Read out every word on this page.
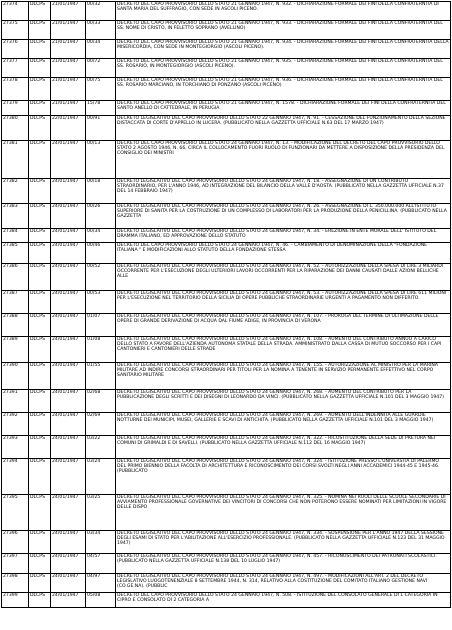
27374	DLCPS	21/01/1947	00/32	DECRETO DEL CAPO PROVVISORIO DELLO STATO 21 GENNAIO 1947, N. 932. - DICHIARAZIONE FORMALE DEI FINI DELLA CONFRATERNITA DI SANTA MARIA DEL SUFFRAGIO, CON SEDE IN ASCOLI PICENO.
27375	DLCPS	21/01/1947	00/33	DECRETO DEL CAPO PROVVISORIO DELLO STATO 21 GENNAIO 1947, N. 933. - DICHIARAZIONE FORMALE DEI FINI DELLA CONFRATERNITA DEL SS. NOME DI CRISTO, IN FELETTO SOPRANO (AVELLINO)
27376	DLCPS	21/01/1947	00/34	DECRETO DEL CAPO PROVVISORIO DELLO STATO 21 GENNAIO 1947, N. 934. - DICHIARAZIONE FORMALE DEI FINI DELLA CONFRATERNITA DELLA MISERICORDIA, CON SEDE IN MONTEGIORGIO (ASCOLI PICENO).
27377	DLCPS	21/01/1947	00/72	DECRETO DEL CAPO PROVVISORIO DELLO STATO 21 GENNAIO 1947, N. 935. - DICHIARAZIONE FORMALE DEI FINI DELLA CONFRATERNITA DEL SS. ROSARIO, IN MONTEGIORGIO (ASCOLI PICENO).
27378	DLCPS	21/01/1947	00/75	DECRETO DEL CAPO PROVVISORIO DELLO STATO 21 GENNAIO 1947, N. 936. - DICHIARAZIONE FORMALE DEI FINI DELLA CONFRATERNITA DEL SS. ROSARIO MARCIANO, IN TORCHIANO DI PONZANO (ASCOLI PICENO)
27379	DLCPS	21/01/1947	15/78	DECRETO DEL CAPO PROVVISORIO DELLO STATO 21 GENNAIO 1947, N. 1578. - DICHIARAZIONE FORMALE DEI FINI DELLA CONFRATERNITA DEL SANTO ANELLO DI CATTEDRALE, IN PERUGIA
27380	DLCPS	22/01/1947	00/91	DECRETO LEGISLATIVO DEL CAPO PROVVISORIO DELLO STATO 22 GENNAIO 1947, N. 91. - CESSAZIONE DEL FUNZIONAMENTO DELLA SEZIONE DISTACCATA DI CORTE D'APPELLO IN LUCERA. (PUBBLICATO NELLA GAZZETTA UFFICIALE N.63 DEL 17 MARZO 1947)
27381	DLCPS	24/01/1947	00/13	DECRETO DEL CAPO PROVVISORIO DELLO STATO 24 GENNAIO 1947, N. 13. - MODIFICAZIONE DEL DECRETO DEL CAPO PROVVISORIO DELLO STATO 2 AGOSTO 1946, N. 66, CIRCA IL COLLOCAMENTO FUORI RUOLO DI FUNZIONARI DA METTERE A DISPOSIZIONE DELLA PRESIDENZA DEL CONSIGLIO DEI MINISTRI
27382	DLCPS	24/01/1947	00/18	DECRETO LEGISLATIVO DEL CAPO PROVVISORIO DELLO STATO 24 GENNAIO 1947, N. 18. - ASSEGNAZIONE DI UN CONTRIBUTO STRAORDINARIO, PER L'ANNO 1946, AD INTEGRAZIONE DEL BILANCIO DELLA VALLE D'AOSTA. (PUBBLICATO NELLA GAZZETTA UFFICIALE N.37 DEL 14 FEBBRAIO 1947)
27383	DLCPS	24/01/1947	00/26	DECRETO LEGISLATIVO DEL CAPO PROVVISORIO DELLO STATO 24 GENNAIO 1947, N. 26. - ASSEGNAZIONE DI L. 350.000.000 ALL'ISTITUTO SUPERIORE DI SANITA PER LA COSTRUZIONE DI UN COMPLESSO DI LABORATORI PER LA PRODUZIONE DELLA PENICILLINA. (PUBBLICATO NELLA GAZZETTA
27384	DLCPS	24/01/1947	00/34	DECRETO LEGISLATIVO DEL CAPO PROVVISORIO DELLO STATO 24 GENNAIO 1947, N. 34. - EREZIONE IN ENTE MORALE DELL' ISTITUTO DEL DRAMMA ITALIANO, ED APPROVAZIONE DELLO STATUTO
27385	DLCPS	24/01/1947	00/46	DECRETO DEL CAPO PROVVISORIO DELLO STATO 24 GENNAIO 1947, N. 46. - CAMBIAMENTO DI DENOMINAZIONE DELLA "FONDAZIONE ITALIANA " E MODIFICAZIONI ALLO STATUTO DELLA FONDAZIONE STESSA
27386	DLCPS	24/01/1947	00/52	DECRETO LEGISLATIVO DEL CAPO PROVVISORIO DELLO STATO 24 GENNAIO 1947, N. 52. - AUTORIZZAZIONE DELLA SPESA DI LIRE 3 MILIARDI OCCORRENTE PER L'ESECUZIONE DEGLI ULTERIORI LAVORI OCCORRENTI PER LA RIPARAZIONE DEI DANNI CAUSATI DALLE AZIONI BELLICHE ALLE
27387	DLCPS	24/01/1947	00/53	DECRETO LEGISLATIVO DEL CAPO PROVVISORIO DELLO STATO 24 GENNAIO 1947, N. 53. - AUTORIZZAZIONE DELLA SPESA DI LIRE 611 MILIONI PER L'ESECUZIONE NEL TERRITORIO DELLA SICILIA DI OPERE PUBBLICHE STRAORDINARIE URGENTI A PAGAMENTO NON DIFFERITO.
27388	DLCPS	24/01/1947	01/07	DECRETO LEGISLATIVO DEL CAPO PROVVISORIO DELLO STATO 24 GENNAIO 1947, N. 107. - PROROGA DEL TERMINE DI ULTIMAZIONE DELLE OPERE DI GRANDE DERIVAZIONE DI ACQUA DAL FIUME ADIGE, IN PROVINCIA DI VERONA
27389	DLCPS	24/01/1947	01/08	DECRETO LEGISLATIVO DEL CAPO PROVVISORIO DELLO STATO 24 GENNAIO 1947, N. 108. - AUMENTO DEL CONTRIBUTO ANNUO A CARICO DELLO STATO A FAVORE DELL'AZIENDA AUTONOMA STATALE DELLA STRADA. AMMINISTRATO DALLA CASSA DI MUTUO SOCCORSO PER I CAPI CANTONIERI E CANTONIERI DELLE STRADE
27390	DLCPS	24/01/1947	01/55	DECRETO LEGISLATIVO DEL CAPO PROVVISORIO DELLO STATO 24 GENNAIO 1947, N. 155. - AUTORIZZAZIONE AL MINISTRO PER LA MARINA MILITARE AD INDIRE CONCORSI STRAORDINARI PER TITOLI PER LA NOMINA A TENENTE IN SERVIZIO PERMANENTE EFFETTIVO NEL CORPO SANITARIO MILITARE
27391	DLCPS	24/01/1947	02/68	DECRETO LEGISLATIVO DEL CAPO PROVVISORIO DELLO STATO 24 GENNAIO 1947, N. 268. - AUMENTO DEL CONTRIBUTO PER LA PUBBLICAZIONE DEGLI SCRITTI E DEI DISEGNI DI LEONARDO DA VINCI. (PUBBLICATO NELLA GAZZETTA UFFICIALE N.101 DEL 3 MAGGIO 1947)
27392	DLCPS	24/01/1947	02/69	DECRETO LEGISLATIVO DEL CAPO PROVVISORIO DELLO STATO 24 GENNAIO 1947, N. 269. - AUMENTO DELL'INDENNITA ALLE GUARDIE NOTTURNE DEI MUNICIPI, MUSEI, GALLERIE E SCAVI DI ANTICHITA. (PUBBLICATO NELLA GAZZETTA UFFICIALE N.101 DEL 3 MAGGIO 1947)
27393	DLCPS	24/01/1947	03/22	DECRETO LEGISLATIVO DEL CAPO PROVVISORIO DELLO STATO 24 GENNAIO 1947, N. 322. - RICOSTITUZIONE DELLA SEDE DI PRETURA NEI COMUNI DI GRIMALDI E DI SAVELLI. (PUBBLICATO NELLA GAZZETTA UFFICIALE N.112 DEL 16 MAGGIO 1947)
27394	DLCPS	24/01/1947	03/24	DECRETO LEGISLATIVO DEL CAPO PROVVISORIO DELLO STATO 24 GENNAIO 1947, N. 324. - ISTITUZIONE PRESSO L'UNIVERSITA DI PALERMO DEL PRIMO BIENNIO DELLA FACOLTA DI ARCHITETTURA E RICONOSCIMENTO DEI CORSI SVOLTI NEGLI ANNI ACCADEMICI 1944-45 E 1945-46. (PUBBLICATO
27395	DLCPS	24/01/1947	03/25	DECRETO LEGISLATIVO DEL CAPO PROVVISORIO DELLO STATO 24 GENNAIO 1947, N. 325. - NOMINA NEI RUOLI DELLE SCUOLE SECONDARIE DI AVVIAMENTO PROFESSIONALE GOVERNATIVE DEI VINCITORI DI CONCORSI CHE NON POTERONO ESSERE NOMINATI PER LIMITAZIONI IN VIGORE DELLE DISPO
27396	DLCPS	24/01/1947	03/34	DECRETO LEGISLATIVO DEL CAPO PROVVISORIO DELLO STATO 24 GENNAIO 1947, N. 334. - SOSPENSIONE PER L'ANNO 1947 DELLA SESSIONE DEGLI ESAMI DI STATO PER L'ABILITAZIONE ALL'ESERCIZIO PROFESSIONALE. (PUBBLICATO NELLA GAZZETTA UFFICIALE N.123 DEL 31 MAGGIO 1947)
27397	DLCPS	24/01/1947	04/57	DECRETO LEGISLATIVO DEL CAPO PROVVISORIO DELLO STATO 24 GENNAIO 1947, N. 457. - RICONOSCIMENTO DEI PATRONATI SCOLASTICI. (PUBBLICATO NELLA GAZZETTA UFFICIALE N.138 DEL 10 LUGLIO 1947)
27398	DLCPS	24/01/1947	04/97	DECRETO LEGISLATIVO DEL CAPO PROVVISORIO DELLO STATO 24 GENNAIO 1947, N. 497. - MODIFICAZIONI ALL'ART. 2 DEL DECRETO LEGISLATIVO LUOGOTENENZIALE 8 SETTEMBRE 1944, N. 314, RELATIVO ALLA COSTITUZIONE DEL COMITATO ITALIANO GESTIONE NAVI (CO.GE.NA). (PUBBLIC
27399	DLCPS	24/01/1947	05/08	DECRETO DEL CAPO PROVVISORIO DELLO STATO 24 GENNAIO 1947, N. 508. - ISTITUZIONE DEL CONSOLATO GENERALE DI 1 CATEGORIA IN CIPRO E CONSOLATO DI 2 CATEGORIA A
